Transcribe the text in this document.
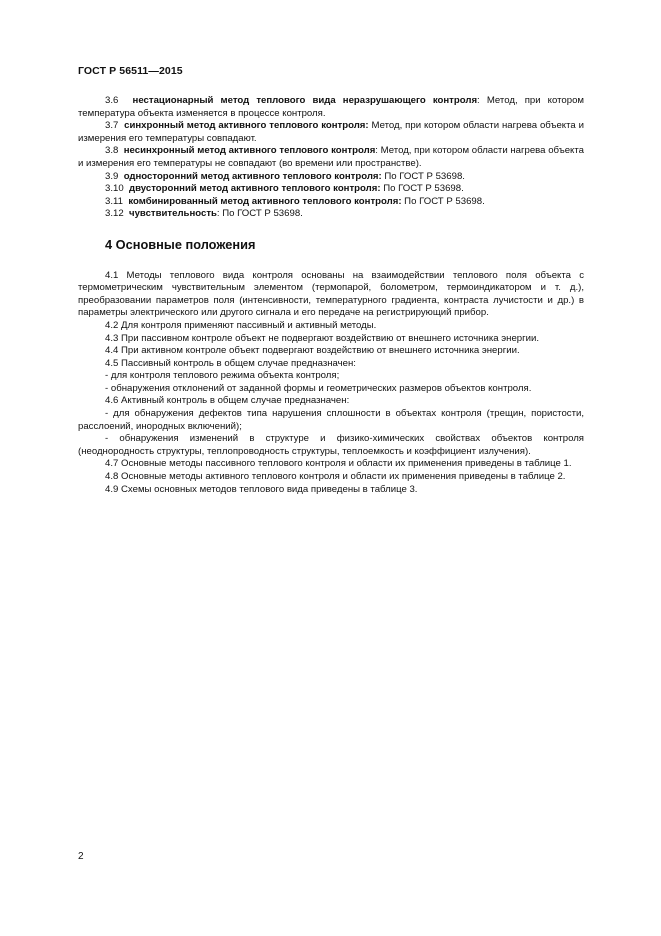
ГОСТ Р 56511—2015

3.6 нестационарный метод теплового вида неразрушающего контроля: Метод, при котором температура объекта изменяется в процессе контроля.

3.7 синхронный метод активного теплового контроля: Метод, при котором области нагрева объекта и измерения его температуры совпадают.

3.8 несинхронный метод активного теплового контроля: Метод, при котором области нагрева объекта и измерения его температуры не совпадают (во времени или пространстве).

3.9 односторонний метод активного теплового контроля: По ГОСТ Р 53698.

3.10 двусторонний метод активного теплового контроля: По ГОСТ Р 53698.

3.11 комбинированный метод активного теплового контроля: По ГОСТ Р 53698.

3.12 чувствительность: По ГОСТ Р 53698.

4 Основные положения

4.1 Методы теплового вида контроля основаны на взаимодействии теплового поля объекта с термометрическим чувствительным элементом (термопарой, болометром, термоиндикатором и т. д.), преобразовании параметров поля (интенсивности, температурного градиента, контраста лучистости и др.) в параметры электрического или другого сигнала и его передаче на регистрирующий прибор.

4.2 Для контроля применяют пассивный и активный методы.

4.3 При пассивном контроле объект не подвергают воздействию от внешнего источника энергии.

4.4 При активном контроле объект подвергают воздействию от внешнего источника энергии.

4.5 Пассивный контроль в общем случае предназначен:

- для контроля теплового режима объекта контроля;

- обнаружения отклонений от заданной формы и геометрических размеров объектов контроля.

4.6 Активный контроль в общем случае предназначен:

- для обнаружения дефектов типа нарушения сплошности в объектах контроля (трещин, пористости, расслоений, инородных включений);

- обнаружения изменений в структуре и физико-химических свойствах объектов контроля (неоднородность структуры, теплопроводность структуры, теплоемкость и коэффициент излучения).

4.7 Основные методы пассивного теплового контроля и области их применения приведены в таблице 1.

4.8 Основные методы активного теплового контроля и области их применения приведены в таблице 2.

4.9 Схемы основных методов теплового вида приведены в таблице 3.

2
